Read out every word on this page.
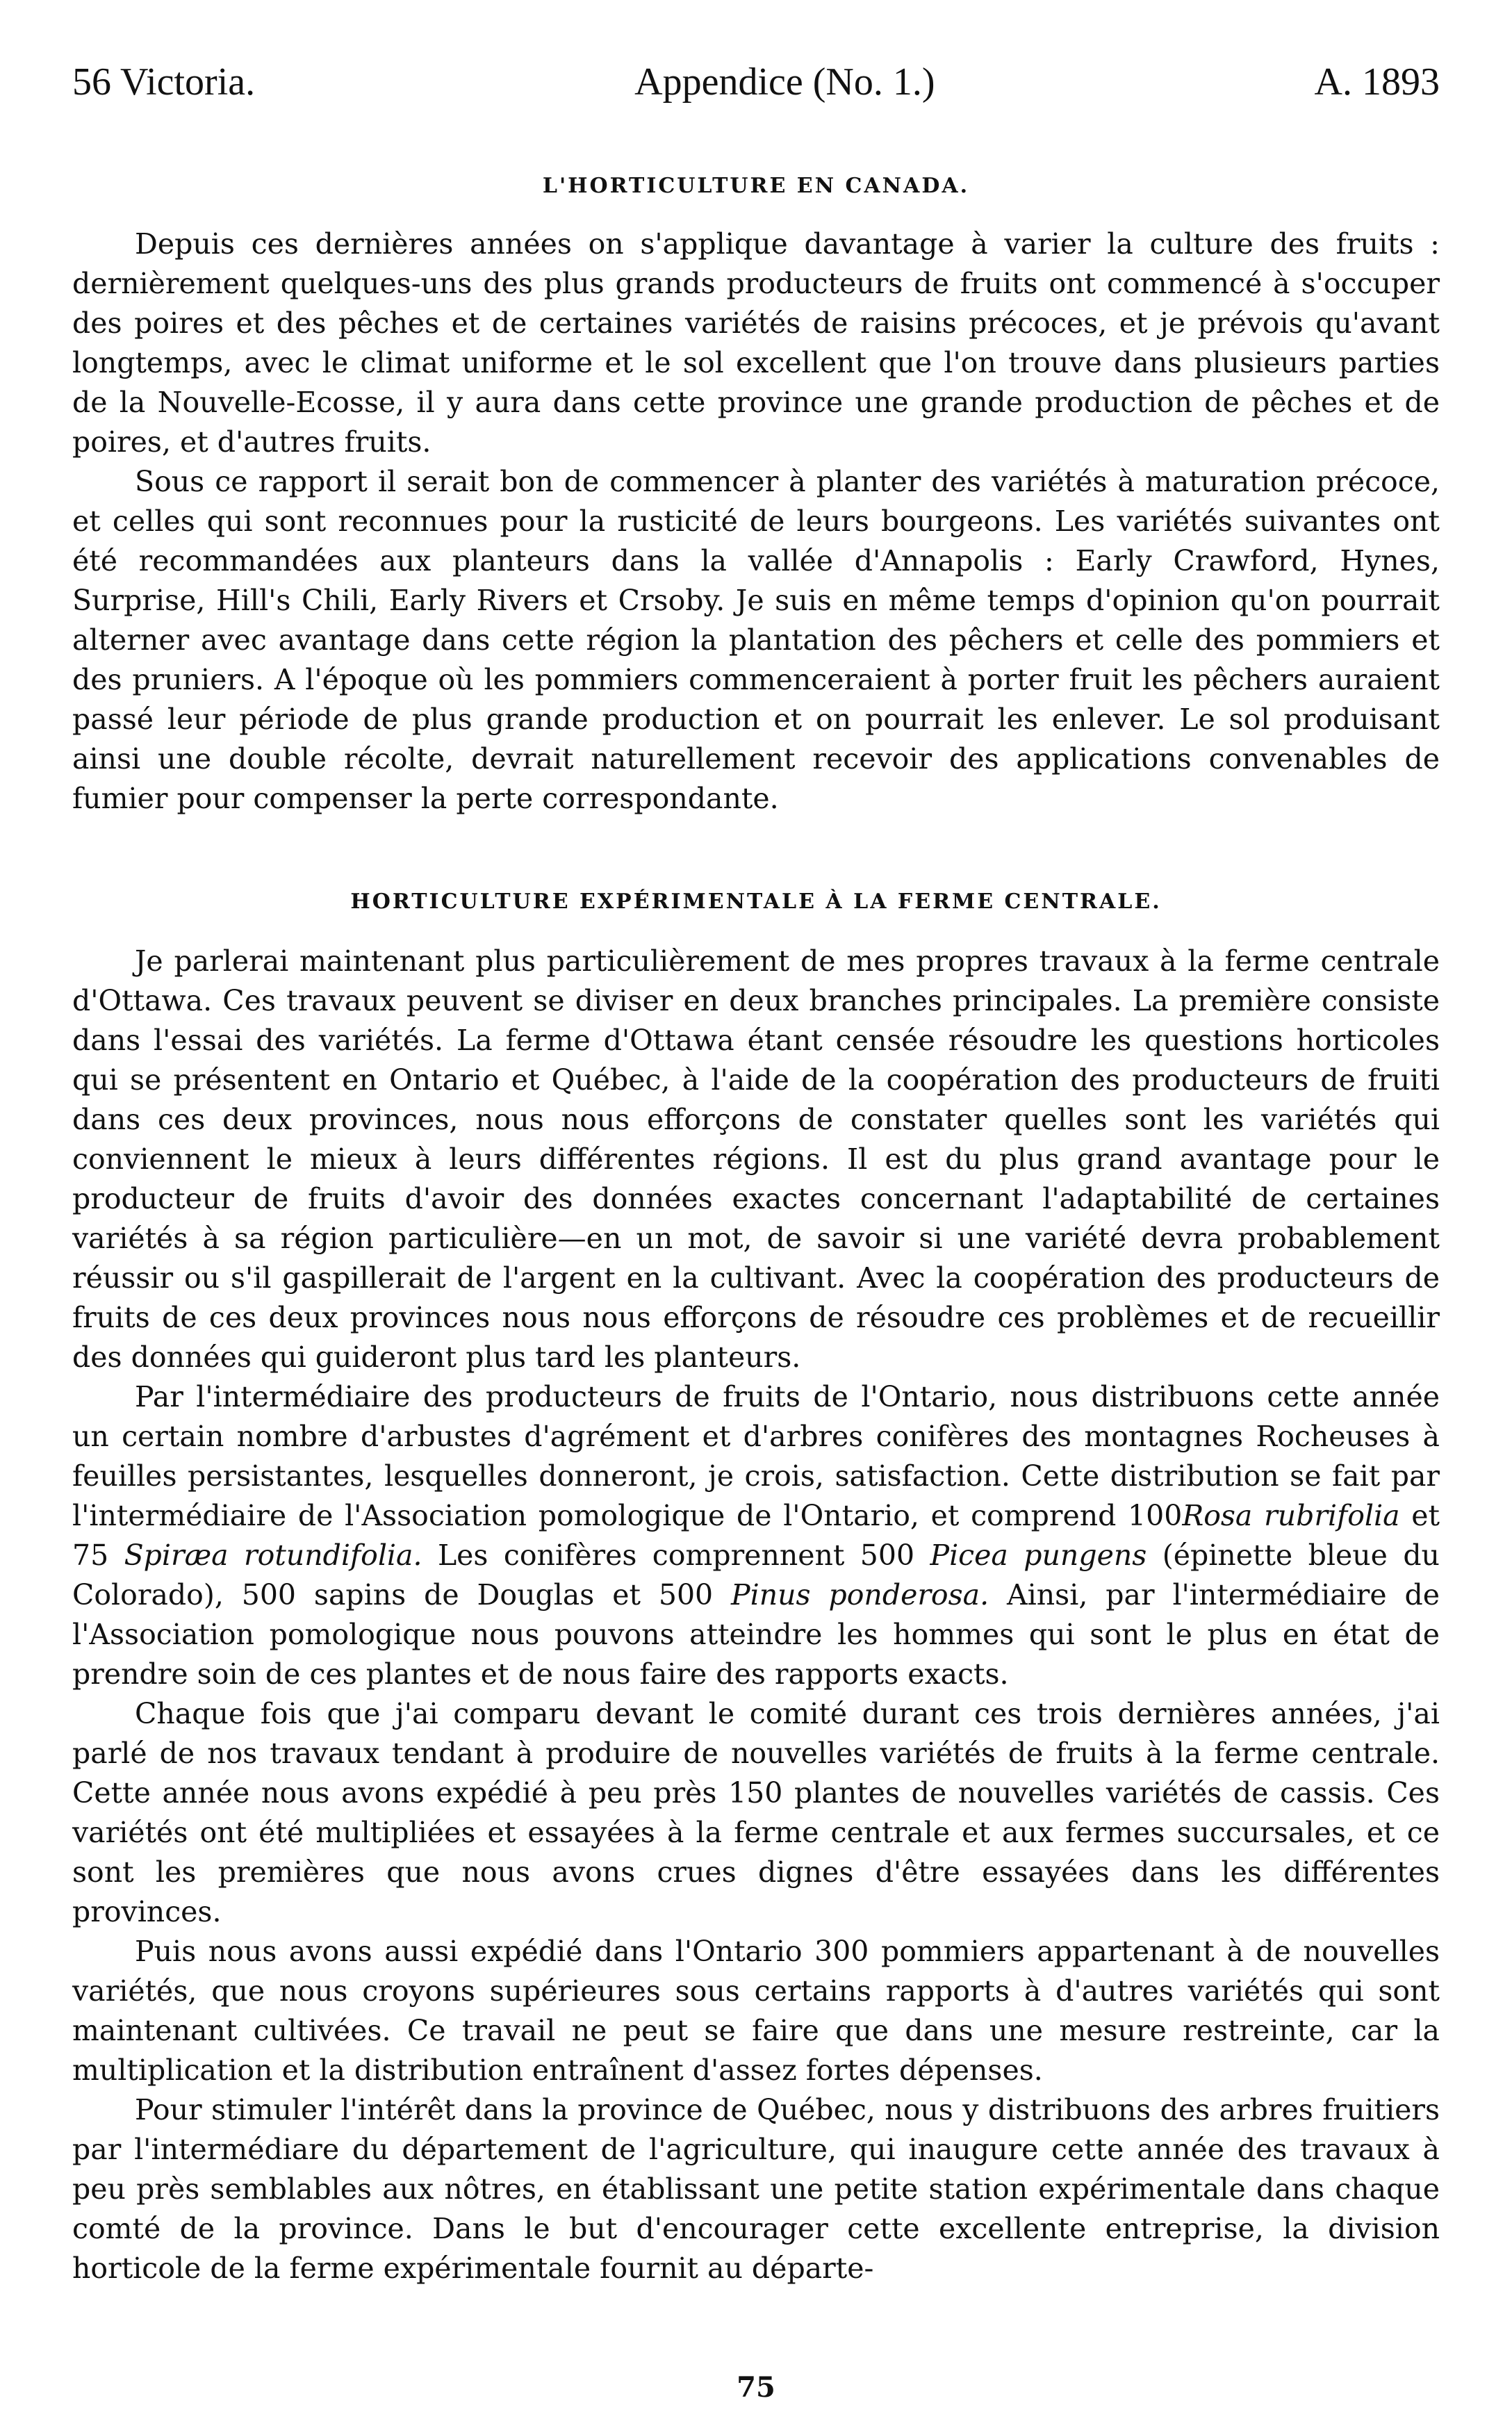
56 Victoria.	Appendice (No. 1.)	A. 1893
L'HORTICULTURE EN CANADA.

Depuis ces dernières années on s'applique davantage à varier la culture des fruits : dernièrement quelques-uns des plus grands producteurs de fruits ont commencé à s'occuper des poires et des pêches et de certaines variétés de raisins précoces, et je prévois qu'avant longtemps, avec le climat uniforme et le sol excellent que l'on trouve dans plusieurs parties de la Nouvelle-Ecosse, il y aura dans cette province une grande production de pêches et de poires, et d'autres fruits.

Sous ce rapport il serait bon de commencer à planter des variétés à maturation précoce, et celles qui sont reconnues pour la rusticité de leurs bourgeons. Les variétés suivantes ont été recommandées aux planteurs dans la vallée d'Annapolis : Early Crawford, Hynes, Surprise, Hill's Chili, Early Rivers et Crsoby. Je suis en même temps d'opinion qu'on pourrait alterner avec avantage dans cette région la plantation des pêchers et celle des pommiers et des pruniers. A l'époque où les pommiers commenceraient à porter fruit les pêchers auraient passé leur période de plus grande production et on pourrait les enlever. Le sol produisant ainsi une double récolte, devrait naturellement recevoir des applications convenables de fumier pour compenser la perte correspondante.

HORTICULTURE EXPÉRIMENTALE À LA FERME CENTRALE.

Je parlerai maintenant plus particulièrement de mes propres travaux à la ferme centrale d'Ottawa. Ces travaux peuvent se diviser en deux branches principales. La première consiste dans l'essai des variétés. La ferme d'Ottawa étant censée résoudre les questions horticoles qui se présentent en Ontario et Québec, à l'aide de la coopération des producteurs de fruiti dans ces deux provinces, nous nous efforçons de constater quelles sont les variétés qui conviennent le mieux à leurs différentes régions. Il est du plus grand avantage pour le producteur de fruits d'avoir des données exactes concernant l'adaptabilité de certaines variétés à sa région particulière—en un mot, de savoir si une variété devra probablement réussir ou s'il gaspillerait de l'argent en la cultivant. Avec la coopération des producteurs de fruits de ces deux provinces nous nous efforçons de résoudre ces problèmes et de recueillir des données qui guideront plus tard les planteurs.

Par l'intermédiaire des producteurs de fruits de l'Ontario, nous distribuons cette année un certain nombre d'arbustes d'agrément et d'arbres conifères des montagnes Rocheuses à feuilles persistantes, lesquelles donneront, je crois, satisfaction. Cette distribution se fait par l'intermédiaire de l'Association pomologique de l'Ontario, et comprend 100Rosa rubrifolia et 75 Spiræa rotundifolia. Les conifères comprennent 500 Picea pungens (épinette bleue du Colorado), 500 sapins de Douglas et 500 Pinus ponderosa. Ainsi, par l'intermédiaire de l'Association pomologique nous pouvons atteindre les hommes qui sont le plus en état de prendre soin de ces plantes et de nous faire des rapports exacts.

Chaque fois que j'ai comparu devant le comité durant ces trois dernières années, j'ai parlé de nos travaux tendant à produire de nouvelles variétés de fruits à la ferme centrale. Cette année nous avons expédié à peu près 150 plantes de nouvelles variétés de cassis. Ces variétés ont été multipliées et essayées à la ferme centrale et aux fermes succursales, et ce sont les premières que nous avons crues dignes d'être essayées dans les différentes provinces.

Puis nous avons aussi expédié dans l'Ontario 300 pommiers appartenant à de nouvelles variétés, que nous croyons supérieures sous certains rapports à d'autres variétés qui sont maintenant cultivées. Ce travail ne peut se faire que dans une mesure restreinte, car la multiplication et la distribution entraînent d'assez fortes dépenses.

Pour stimuler l'intérêt dans la province de Québec, nous y distribuons des arbres fruitiers par l'intermédiare du département de l'agriculture, qui inaugure cette année des travaux à peu près semblables aux nôtres, en établissant une petite station expérimentale dans chaque comté de la province. Dans le but d'encourager cette excellente entreprise, la division horticole de la ferme expérimentale fournit au départe-

75
